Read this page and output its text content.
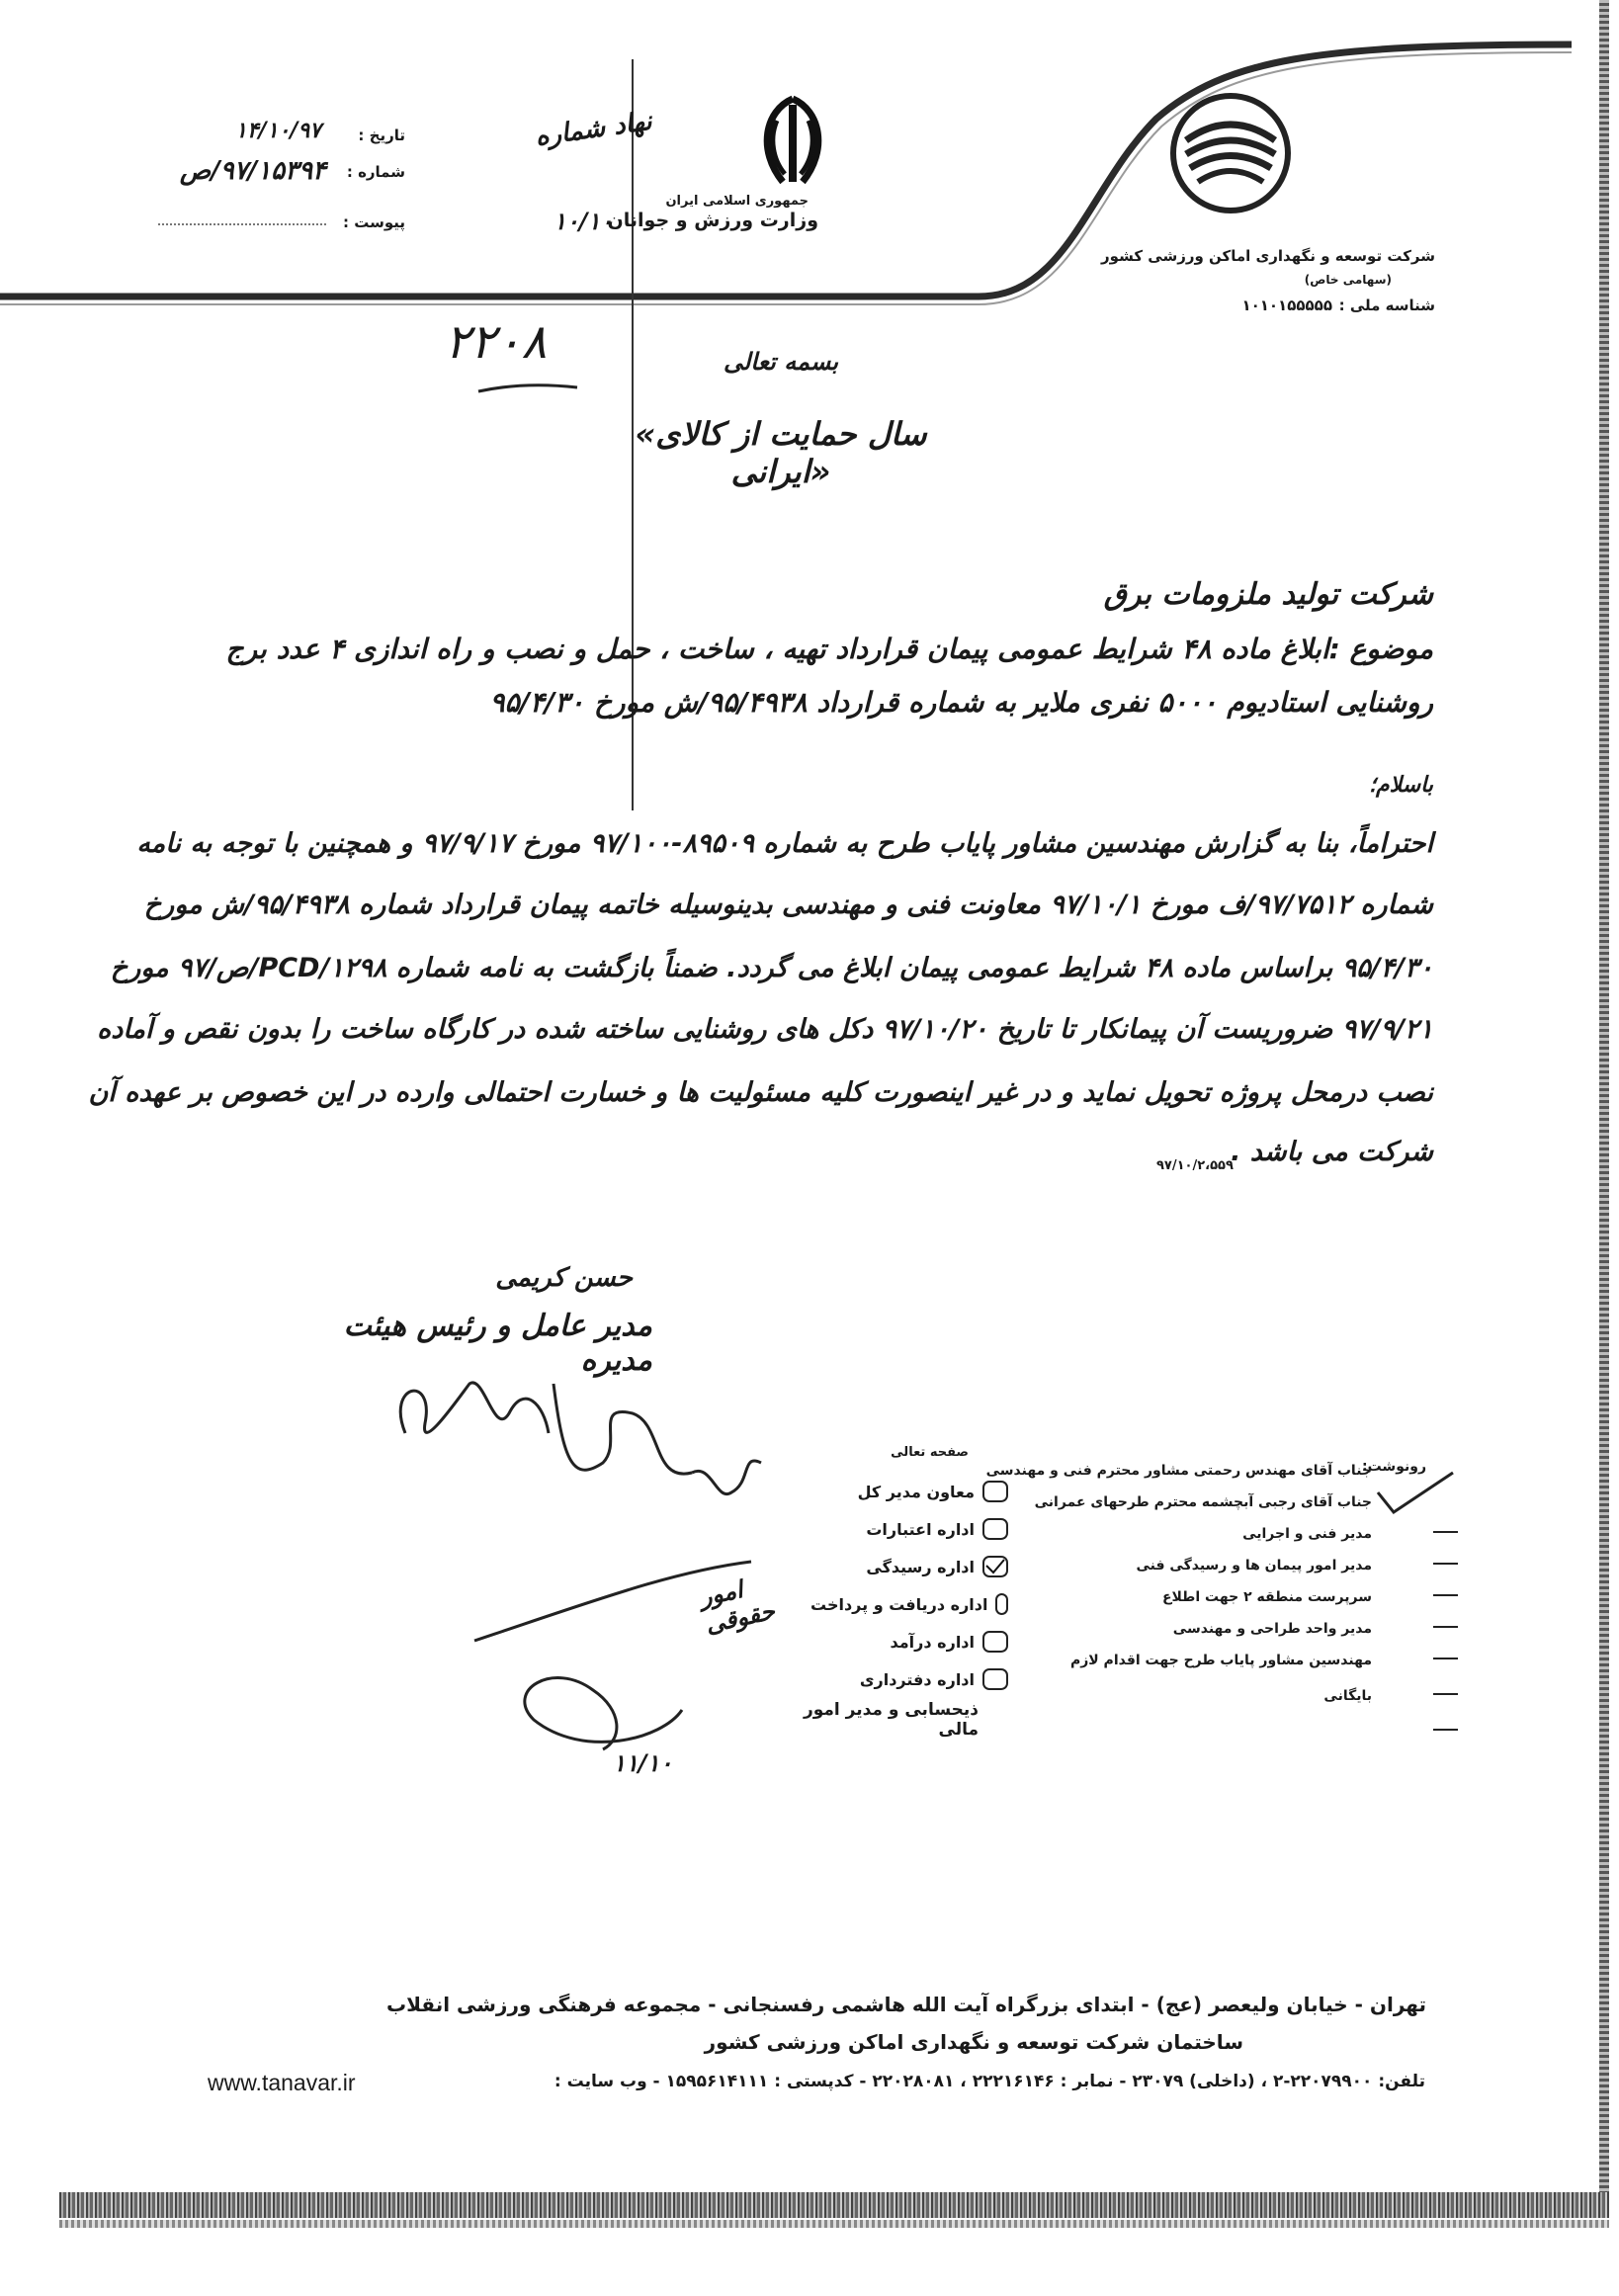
شرکت توسعه و نگهداری اماکن ورزشی کشور
(سهامی خاص)
شناسه ملی :
۱۰۱۰۱۵۵۵۵۵
جمهوری اسلامی ایران
وزارت ورزش و جوانان
تاریخ :
۱۴/۱۰/۹۷
شماره :
۹۷/۱۵۳۹۴/ص
پیوست :
نهاد شماره
۱۰/۱۰
۲۲۰۸	بسمه تعالی
«سال حمایت از کالای ایرانی»
شرکت تولید ملزومات برق
موضوع :ابلاغ ماده ۴۸ شرایط عمومی پیمان قرارداد تهیه ، ساخت ، حمل و نصب و راه اندازی ۴ عدد برج
روشنایی استادیوم ۵۰۰۰ نفری ملایر به شماره قرارداد ۹۵/۴۹۳۸/ش مورخ ۹۵/۴/۳۰
باسلام؛
احتراماً، بنا به گزارش مهندسین مشاور پایاب طرح به شماره ۸۹۵۰۹-۹۷/۱۰۰ مورخ ۹۷/۹/۱۷ و همچنین با توجه به نامه
شماره ۹۷/۷۵۱۲/ف مورخ ۹۷/۱۰/۱ معاونت فنی و مهندسی بدینوسیله خاتمه پیمان قرارداد شماره ۹۵/۴۹۳۸/ش مورخ
۹۵/۴/۳۰ براساس ماده ۴۸ شرایط عمومی پیمان ابلاغ می گردد. ضمناً بازگشت به نامه شماره PCD/۱۲۹۸/ص/۹۷ مورخ
۹۷/۹/۲۱ ضروریست آن پیمانکار تا تاریخ ۹۷/۱۰/۲۰ دکل های روشنایی ساخته شده در کارگاه ساخت را بدون نقص و آماده
نصب درمحل پروژه تحویل نماید و در غیر اینصورت کلیه مسئولیت ها و خسارت احتمالی وارده در این خصوص بر عهده آن
شرکت می باشد .
۹۷/۱۰/۲،۵۵۹
حسن کریمی
مدیر عامل و رئیس هیئت مدیره
امور حقوقی
۱۱/۱۰
رونوشت:
جناب آقای مهندس رحمتی مشاور محترم فنی و مهندسی
جناب آقای رجبی آبچشمه محترم طرحهای عمرانی
مدیر فنی و اجرایی
مدیر امور پیمان ها و رسیدگی فنی
سرپرست منطقه ۲ جهت اطلاع
مدیر واحد طراحی و مهندسی
مهندسین مشاور پایاب طرح جهت اقدام لازم
بایگانی
صفحه تعالی
معاون مدیر کل
اداره اعتبارات
اداره رسیدگی
اداره دریافت و پرداخت
اداره درآمد
اداره دفترداری
ذیحسابی و مدیر امور مالی
تهران - خیابان ولیعصر (عج) - ابتدای بزرگراه آیت الله هاشمی رفسنجانی - مجموعه فرهنگی ورزشی انقلاب
ساختمان شرکت توسعه و نگهداری اماکن ورزشی کشور
تلفن: ۲۲۰۷۹۹۰۰-۲ ، (داخلی) ۲۳۰۷۹ - نمابر : ۲۲۲۱۶۱۴۶ ، ۲۲۰۲۸۰۸۱ - کدپستی : ۱۵۹۵۶۱۴۱۱۱ - وب سایت :
www.tanavar.ir
